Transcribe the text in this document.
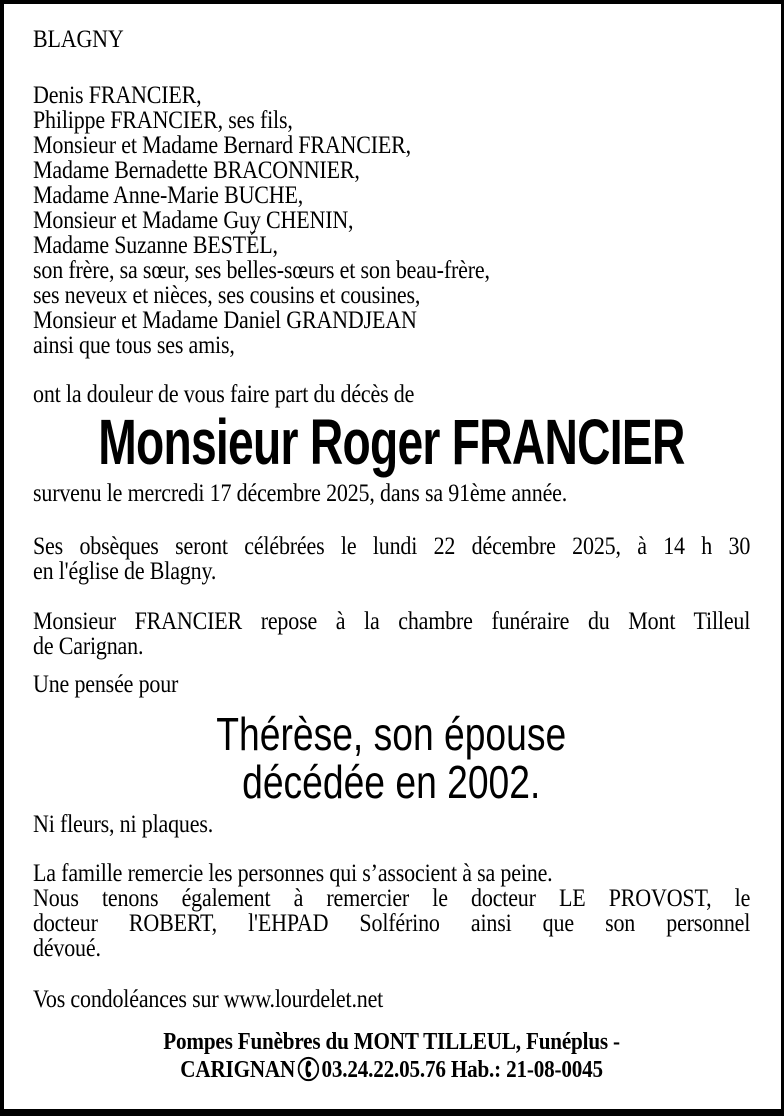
BLAGNY
Denis FRANCIER,
Philippe FRANCIER, ses fils,
Monsieur et Madame Bernard FRANCIER,
Madame Bernadette BRACONNIER,
Madame Anne-Marie BUCHE,
Monsieur et Madame Guy CHENIN,
Madame Suzanne BESTÉL,
son frère, sa sœur, ses belles-sœurs et son beau-frère,
ses neveux et nièces, ses cousins et cousines,
Monsieur et Madame Daniel GRANDJEAN
ainsi que tous ses amis,
ont la douleur de vous faire part du décès de
Monsieur Roger FRANCIER
survenu le mercredi 17 décembre 2025, dans sa 91ème année.
Ses obsèques seront célébrées le lundi 22 décembre 2025, à 14 h 30
en l'église de Blagny.
Monsieur FRANCIER repose à la chambre funéraire du Mont Tilleul
de Carignan.
Une pensée pour
Thérèse, son épouse
décédée en 2002.
Ni fleurs, ni plaques.
La famille remercie les personnes qui s’associent à sa peine.
Nous tenons également à remercier le docteur LE PROVOST, le
docteur ROBERT, l'EHPAD Solférino ainsi que son personnel
dévoué.
Vos condoléances sur www.lourdelet.net
Pompes Funèbres du MONT TILLEUL, Funéplus -
CARIGNAN 03.24.22.05.76 Hab.: 21-08-0045
